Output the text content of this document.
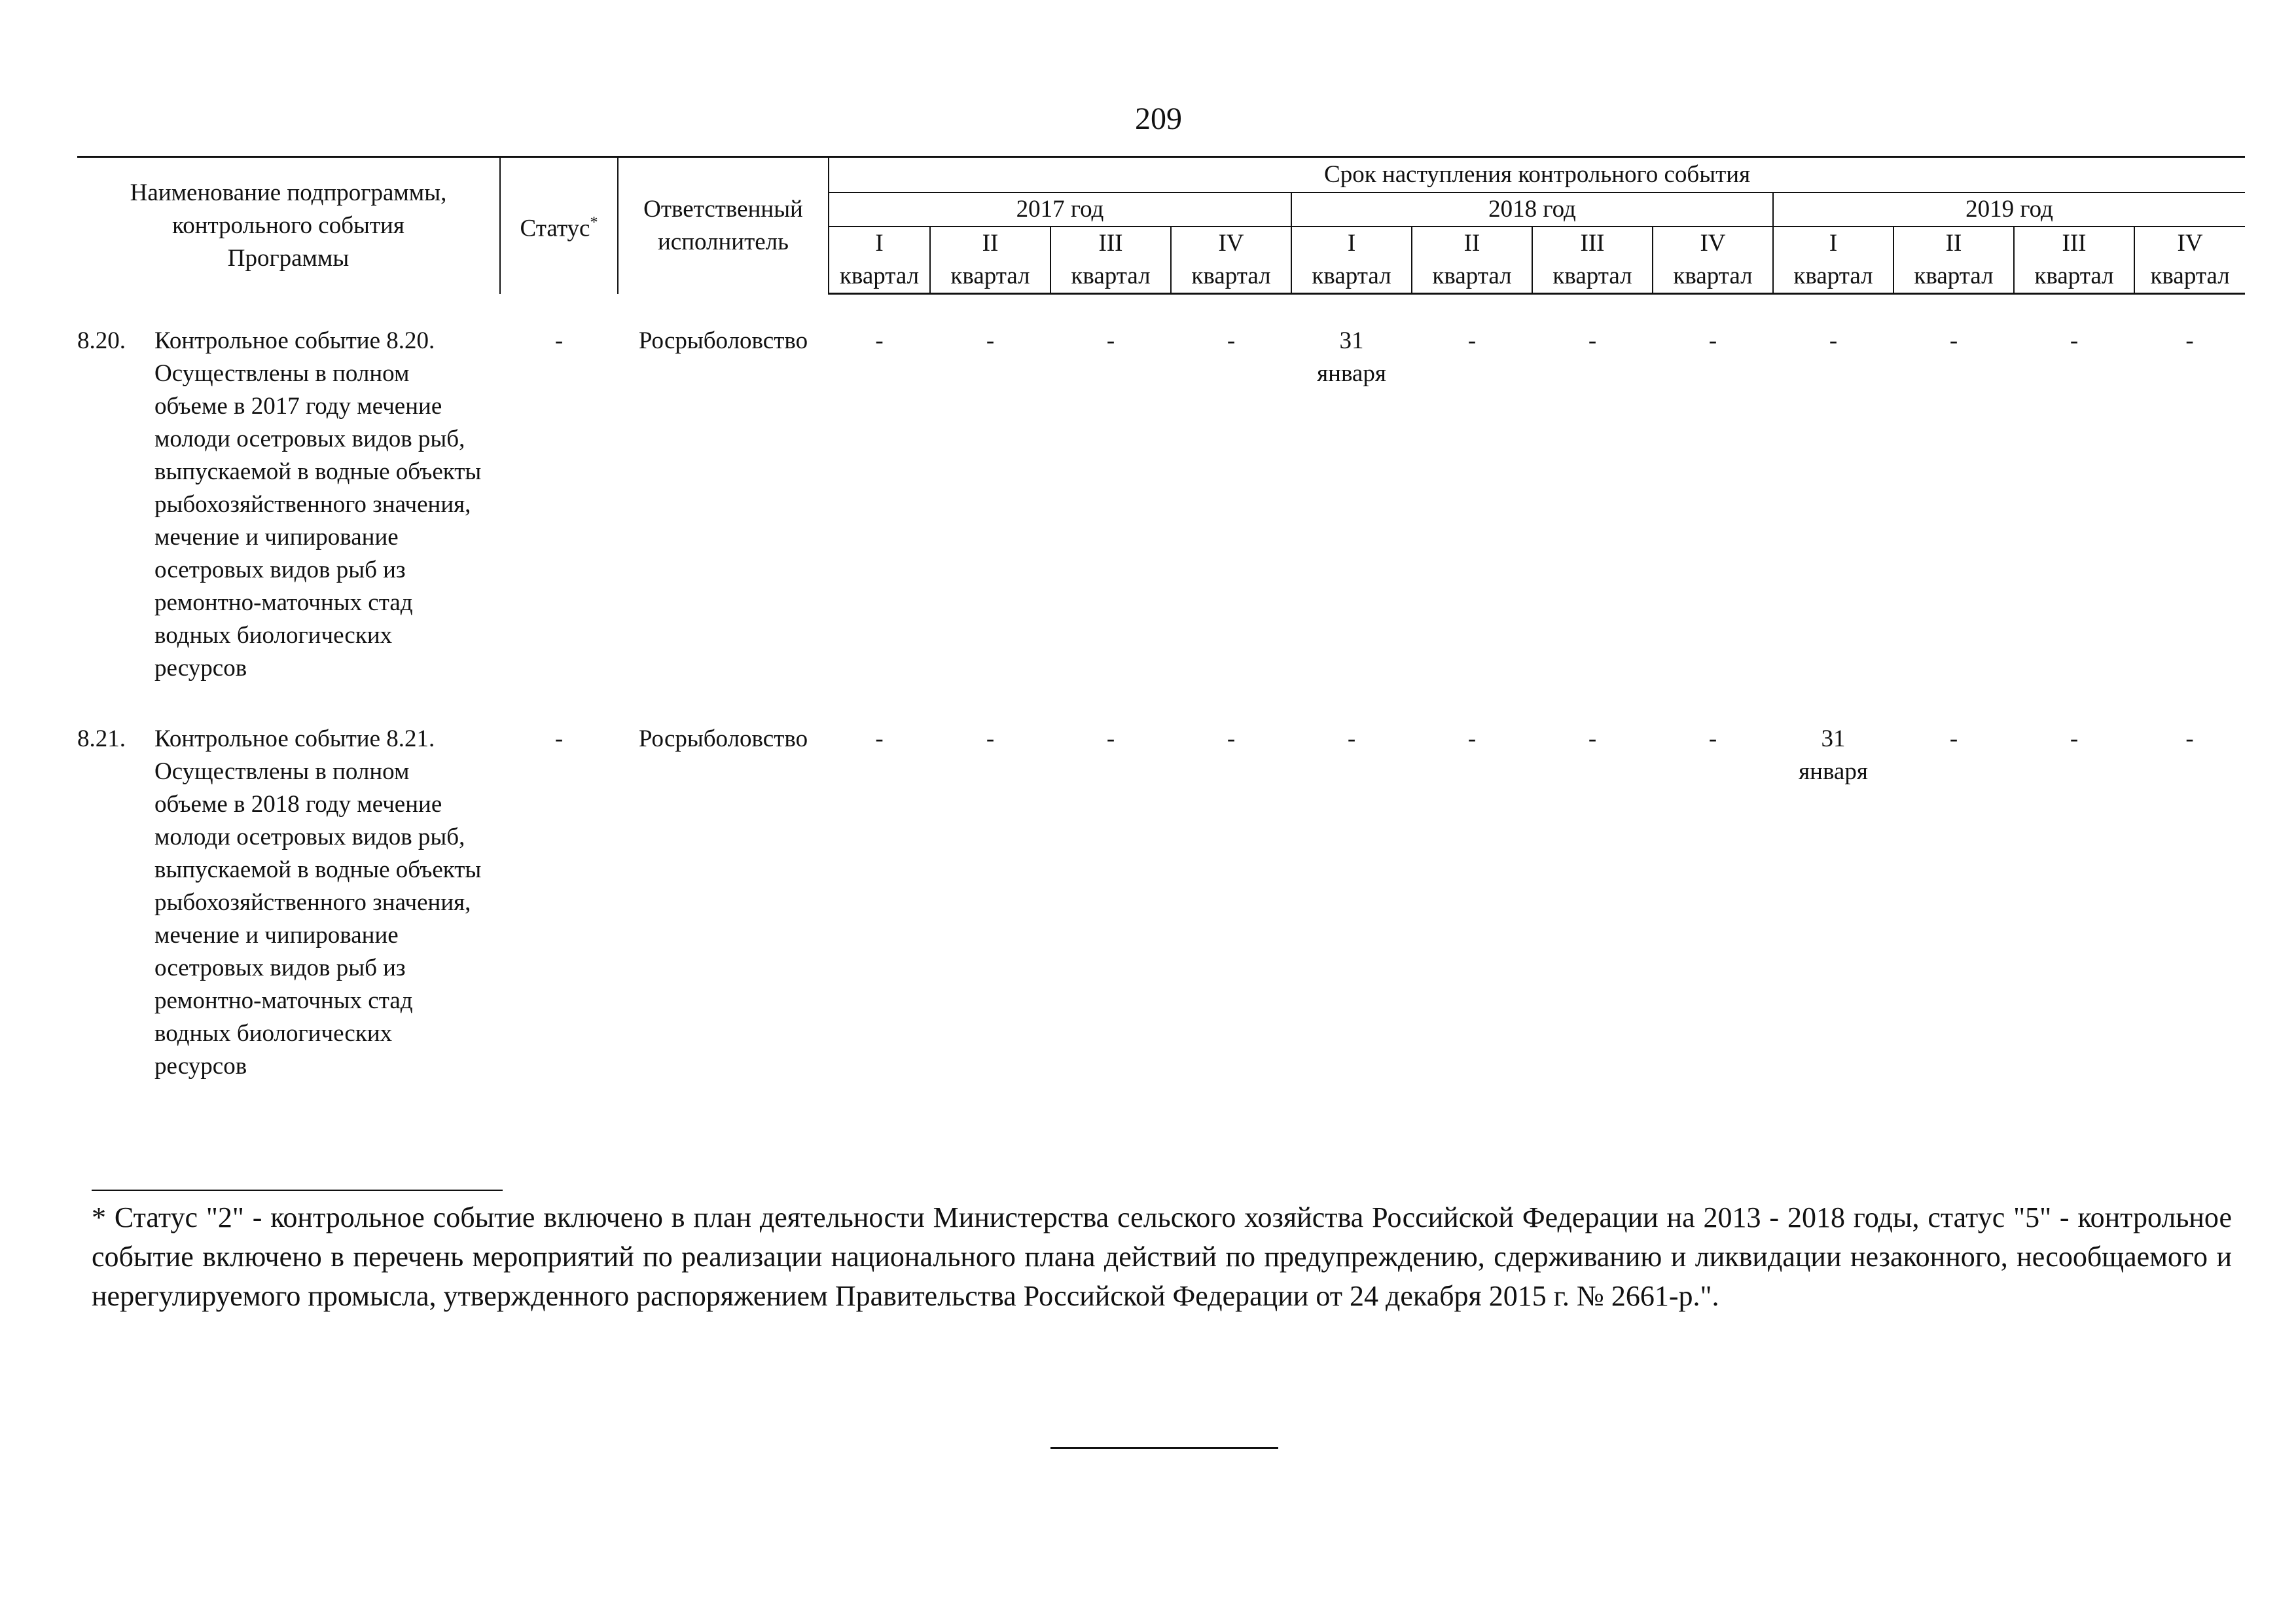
209
Наименование подпрограммы, контрольного события Программы	Статус*	Ответственный исполнитель	Срок наступления контрольного события											
			2017 год				2018 год				2019 год			
			I	II	III	IV	I	II	III	IV	I	II	III	IV
			квартал	квартал	квартал	квартал	квартал	квартал	квартал	квартал	квартал	квартал	квартал	квартал

8.20. Контрольное событие 8.20. Осуществлены в полном объеме в 2017 году мечение молоди осетровых видов рыб, выпускаемой в водные объекты рыбохозяйственного значения, мечение и чипирование осетровых видов рыб из ремонтно-маточных стад водных биологических ресурсов	-	Росрыболовство	-	-	-	-	31 января	-	-	-	-	-	-	-

8.21. Контрольное событие 8.21. Осуществлены в полном объеме в 2018 году мечение молоди осетровых видов рыб, выпускаемой в водные объекты рыбохозяйственного значения, мечение и чипирование осетровых видов рыб из ремонтно-маточных стад водных биологических ресурсов	-	Росрыболовство	-	-	-	-	-	-	-	-	31 января	-	-	-
* Статус "2" - контрольное событие включено в план деятельности Министерства сельского хозяйства Российской Федерации на 2013 - 2018 годы, статус "5" - контрольное событие включено в перечень мероприятий по реализации национального плана действий по предупреждению, сдерживанию и ликвидации незаконного, несообщаемого и нерегулируемого промысла, утвержденного распоряжением Правительства Российской Федерации от 24 декабря 2015 г. № 2661-р.".
